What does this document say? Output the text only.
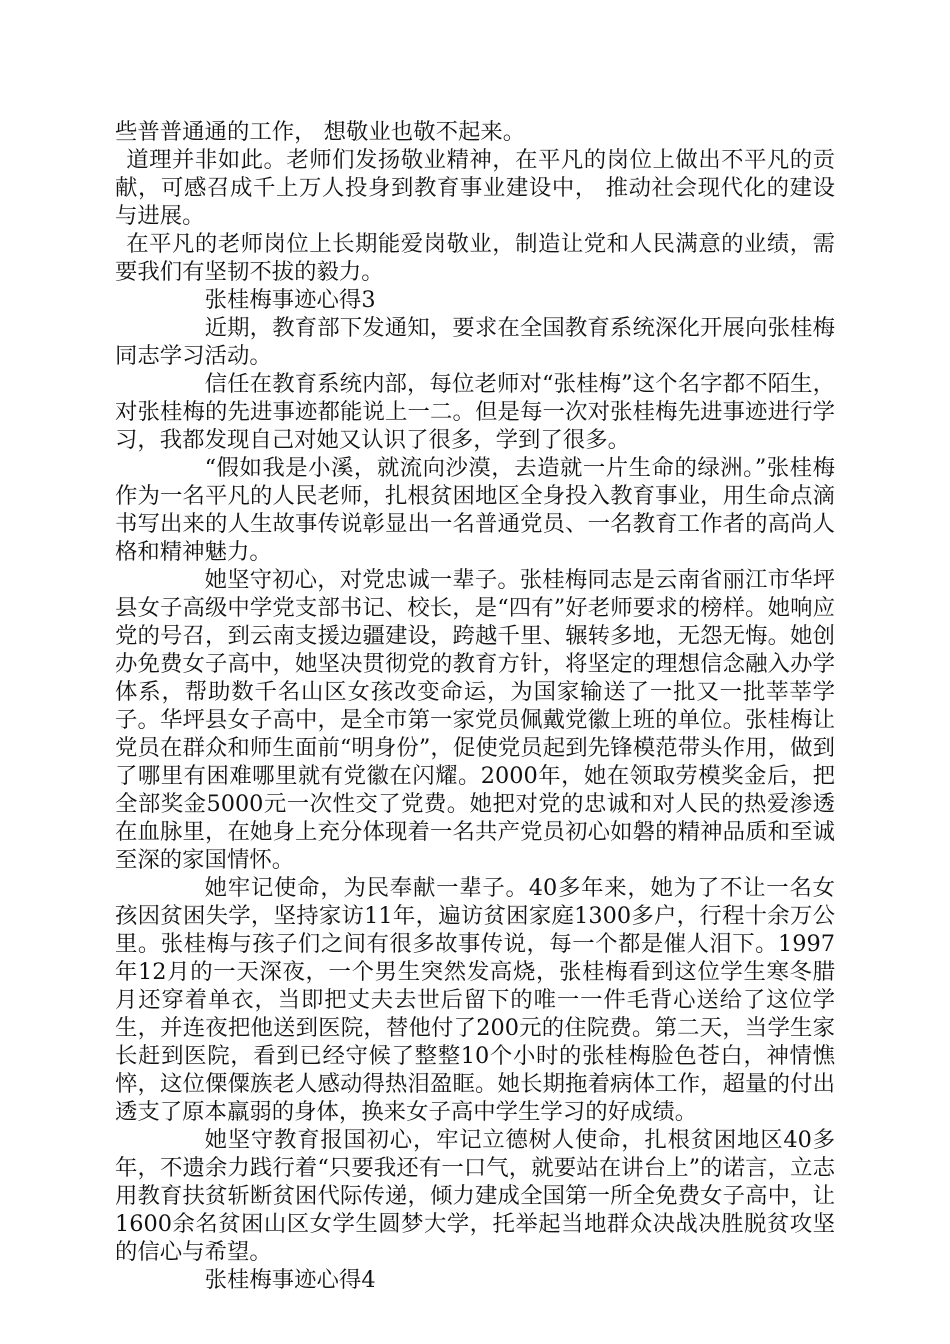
些普普通通的工作， 想敬业也敬不起来。

道理并非如此。老师们发扬敬业精神，在平凡的岗位上做出不平凡的贡献，可感召成千上万人投身到教育事业建设中， 推动社会现代化的建设与进展。

在平凡的老师岗位上长期能爱岗敬业，制造让党和人民满意的业绩，需要我们有坚韧不拔的毅力。

张桂梅事迹心得3

近期，教育部下发通知，要求在全国教育系统深化开展向张桂梅同志学习活动。

信任在教育系统内部，每位老师对“张桂梅”这个名字都不陌生，对张桂梅的先进事迹都能说上一二。但是每一次对张桂梅先进事迹进行学习，我都发现自己对她又认识了很多，学到了很多。

“假如我是小溪，就流向沙漠，去造就一片生命的绿洲。”张桂梅作为一名平凡的人民老师，扎根贫困地区全身投入教育事业，用生命点滴书写出来的人生故事传说彰显出一名普通党员、一名教育工作者的高尚人格和精神魅力。

她坚守初心，对党忠诚一辈子。张桂梅同志是云南省丽江市华坪县女子高级中学党支部书记、校长，是“四有”好老师要求的榜样。她响应党的号召，到云南支援边疆建设，跨越千里、辗转多地，无怨无悔。她创办免费女子高中，她坚决贯彻党的教育方针，将坚定的理想信念融入办学体系，帮助数千名山区女孩改变命运，为国家输送了一批又一批莘莘学子。华坪县女子高中，是全市第一家党员佩戴党徽上班的单位。张桂梅让党员在群众和师生面前“明身份”，促使党员起到先锋模范带头作用，做到了哪里有困难哪里就有党徽在闪耀。2000年，她在领取劳模奖金后，把全部奖金5000元一次性交了党费。她把对党的忠诚和对人民的热爱渗透在血脉里，在她身上充分体现着一名共产党员初心如磐的精神品质和至诚至深的家国情怀。

她牢记使命，为民奉献一辈子。40多年来，她为了不让一名女孩因贫困失学，坚持家访11年，遍访贫困家庭1300多户，行程十余万公里。张桂梅与孩子们之间有很多故事传说，每一个都是催人泪下。1997年12月的一天深夜，一个男生突然发高烧，张桂梅看到这位学生寒冬腊月还穿着单衣，当即把丈夫去世后留下的唯一一件毛背心送给了这位学生，并连夜把他送到医院，替他付了200元的住院费。第二天，当学生家长赶到医院，看到已经守候了整整10个小时的张桂梅脸色苍白，神情憔悴，这位傈僳族老人感动得热泪盈眶。她长期拖着病体工作，超量的付出透支了原本羸弱的身体，换来女子高中学生学习的好成绩。

她坚守教育报国初心，牢记立德树人使命，扎根贫困地区40多年，不遗余力践行着“只要我还有一口气，就要站在讲台上”的诺言，立志用教育扶贫斩断贫困代际传递，倾力建成全国第一所全免费女子高中，让1600余名贫困山区女学生圆梦大学，托举起当地群众决战决胜脱贫攻坚的信心与希望。

张桂梅事迹心得4
